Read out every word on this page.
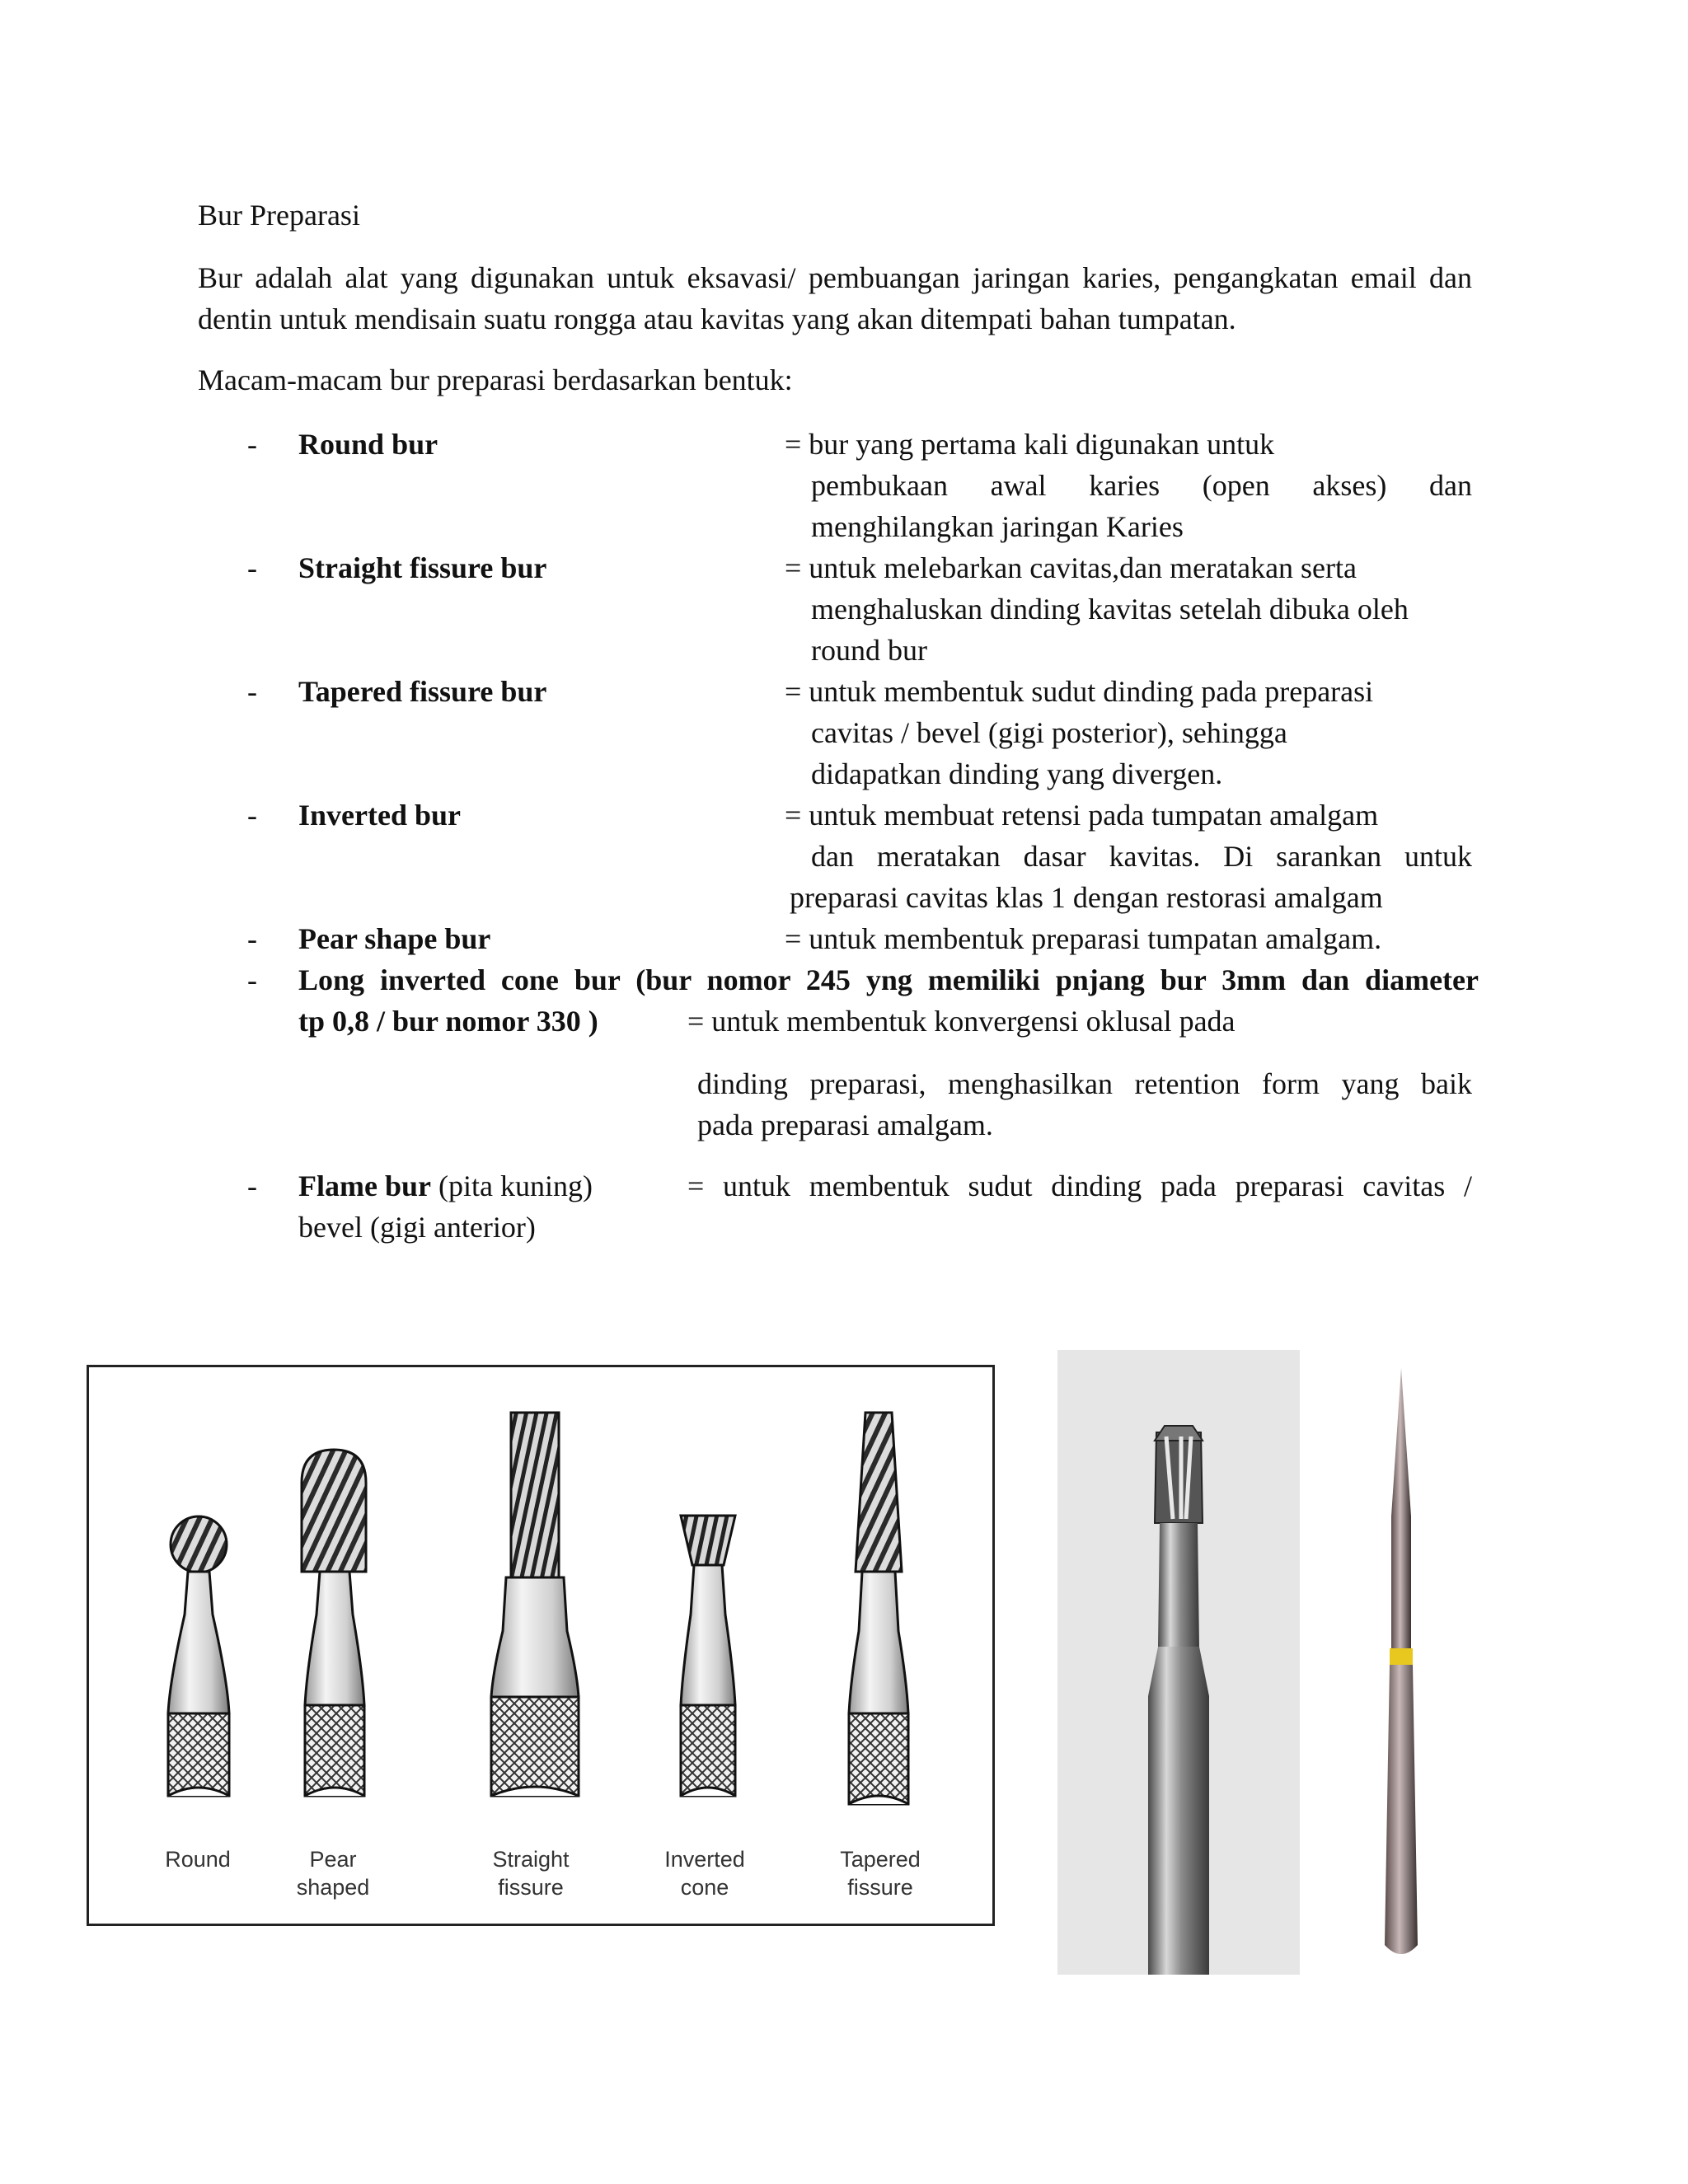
Bur Preparasi
Bur adalah alat yang digunakan untuk eksavasi/ pembuangan jaringan karies, pengangkatan email dan dentin untuk mendisain suatu rongga atau kavitas yang akan ditempati bahan tumpatan.
Macam-macam bur preparasi berdasarkan bentuk:
- Round bur	= bur yang pertama kali digunakan untuk
pembukaan awal karies (open akses) dan
menghilangkan jaringan Karies
- Straight fissure bur	= untuk melebarkan cavitas,dan meratakan serta
menghaluskan dinding kavitas setelah dibuka oleh
round bur
- Tapered fissure bur	= untuk membentuk sudut dinding pada preparasi
cavitas / bevel (gigi posterior), sehingga
didapatkan dinding yang divergen.
- Inverted bur	= untuk membuat retensi pada tumpatan amalgam
dan meratakan dasar kavitas. Di sarankan untuk
preparasi cavitas klas 1 dengan restorasi amalgam
- Pear shape bur	= untuk membentuk preparasi tumpatan amalgam.
- Long inverted cone bur (bur nomor 245 yng memiliki pnjang bur 3mm dan diameter
tp 0,8 / bur nomor 330 )	= untuk membentuk konvergensi oklusal pada
dinding preparasi, menghasilkan retention form yang baik
pada preparasi amalgam.
- Flame bur (pita kuning)	= untuk membentuk sudut dinding pada preparasi cavitas /
bevel (gigi anterior)
Round	Pear
shaped
Straight
fissure
Inverted
cone
Tapered
fissure
